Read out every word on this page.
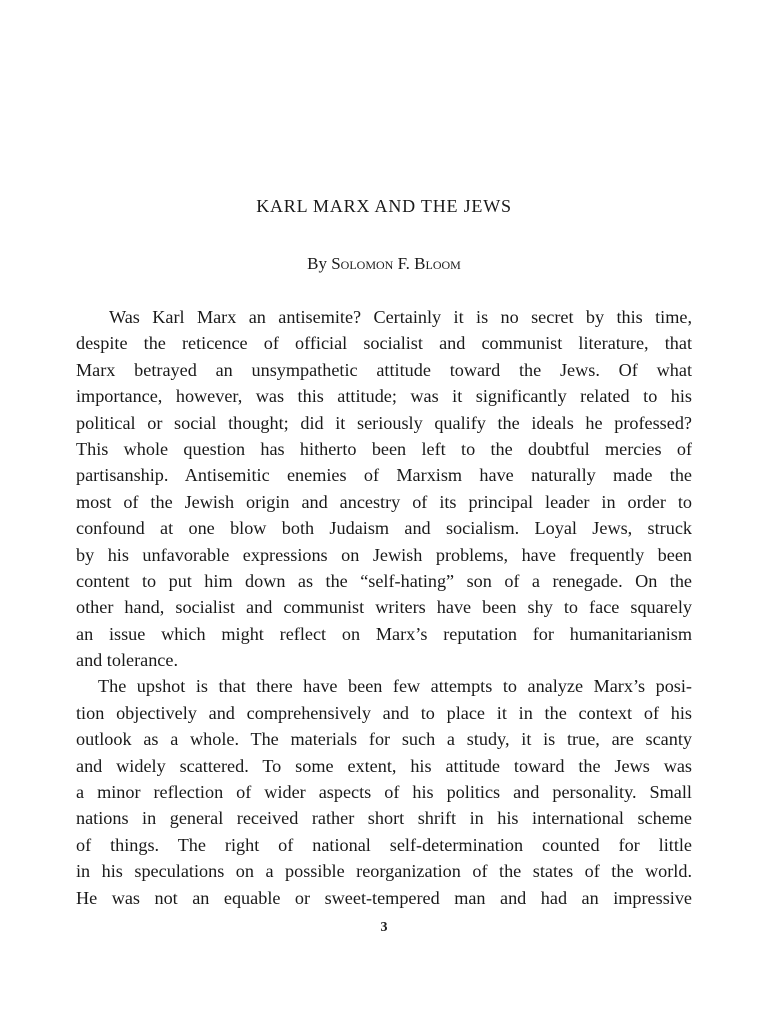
KARL MARX AND THE JEWS

By Solomon F. Bloom

Was Karl Marx an antisemite? Certainly it is no secret by this time,
despite the reticence of official socialist and communist literature, that
Marx betrayed an unsympathetic attitude toward the Jews. Of what
importance, however, was this attitude; was it significantly related to his
political or social thought; did it seriously qualify the ideals he professed?
This whole question has hitherto been left to the doubtful mercies of
partisanship. Antisemitic enemies of Marxism have naturally made the
most of the Jewish origin and ancestry of its principal leader in order to
confound at one blow both Judaism and socialism. Loyal Jews, struck
by his unfavorable expressions on Jewish problems, have frequently been
content to put him down as the “self-hating” son of a renegade. On the
other hand, socialist and communist writers have been shy to face squarely
an issue which might reflect on Marx’s reputation for humanitarianism
and tolerance.
The upshot is that there have been few attempts to analyze Marx’s posi-
tion objectively and comprehensively and to place it in the context of his
outlook as a whole. The materials for such a study, it is true, are scanty
and widely scattered. To some extent, his attitude toward the Jews was
a minor reflection of wider aspects of his politics and personality. Small
nations in general received rather short shrift in his international scheme
of things. The right of national self-determination counted for little
in his speculations on a possible reorganization of the states of the world.
He was not an equable or sweet-tempered man and had an impressive
3
